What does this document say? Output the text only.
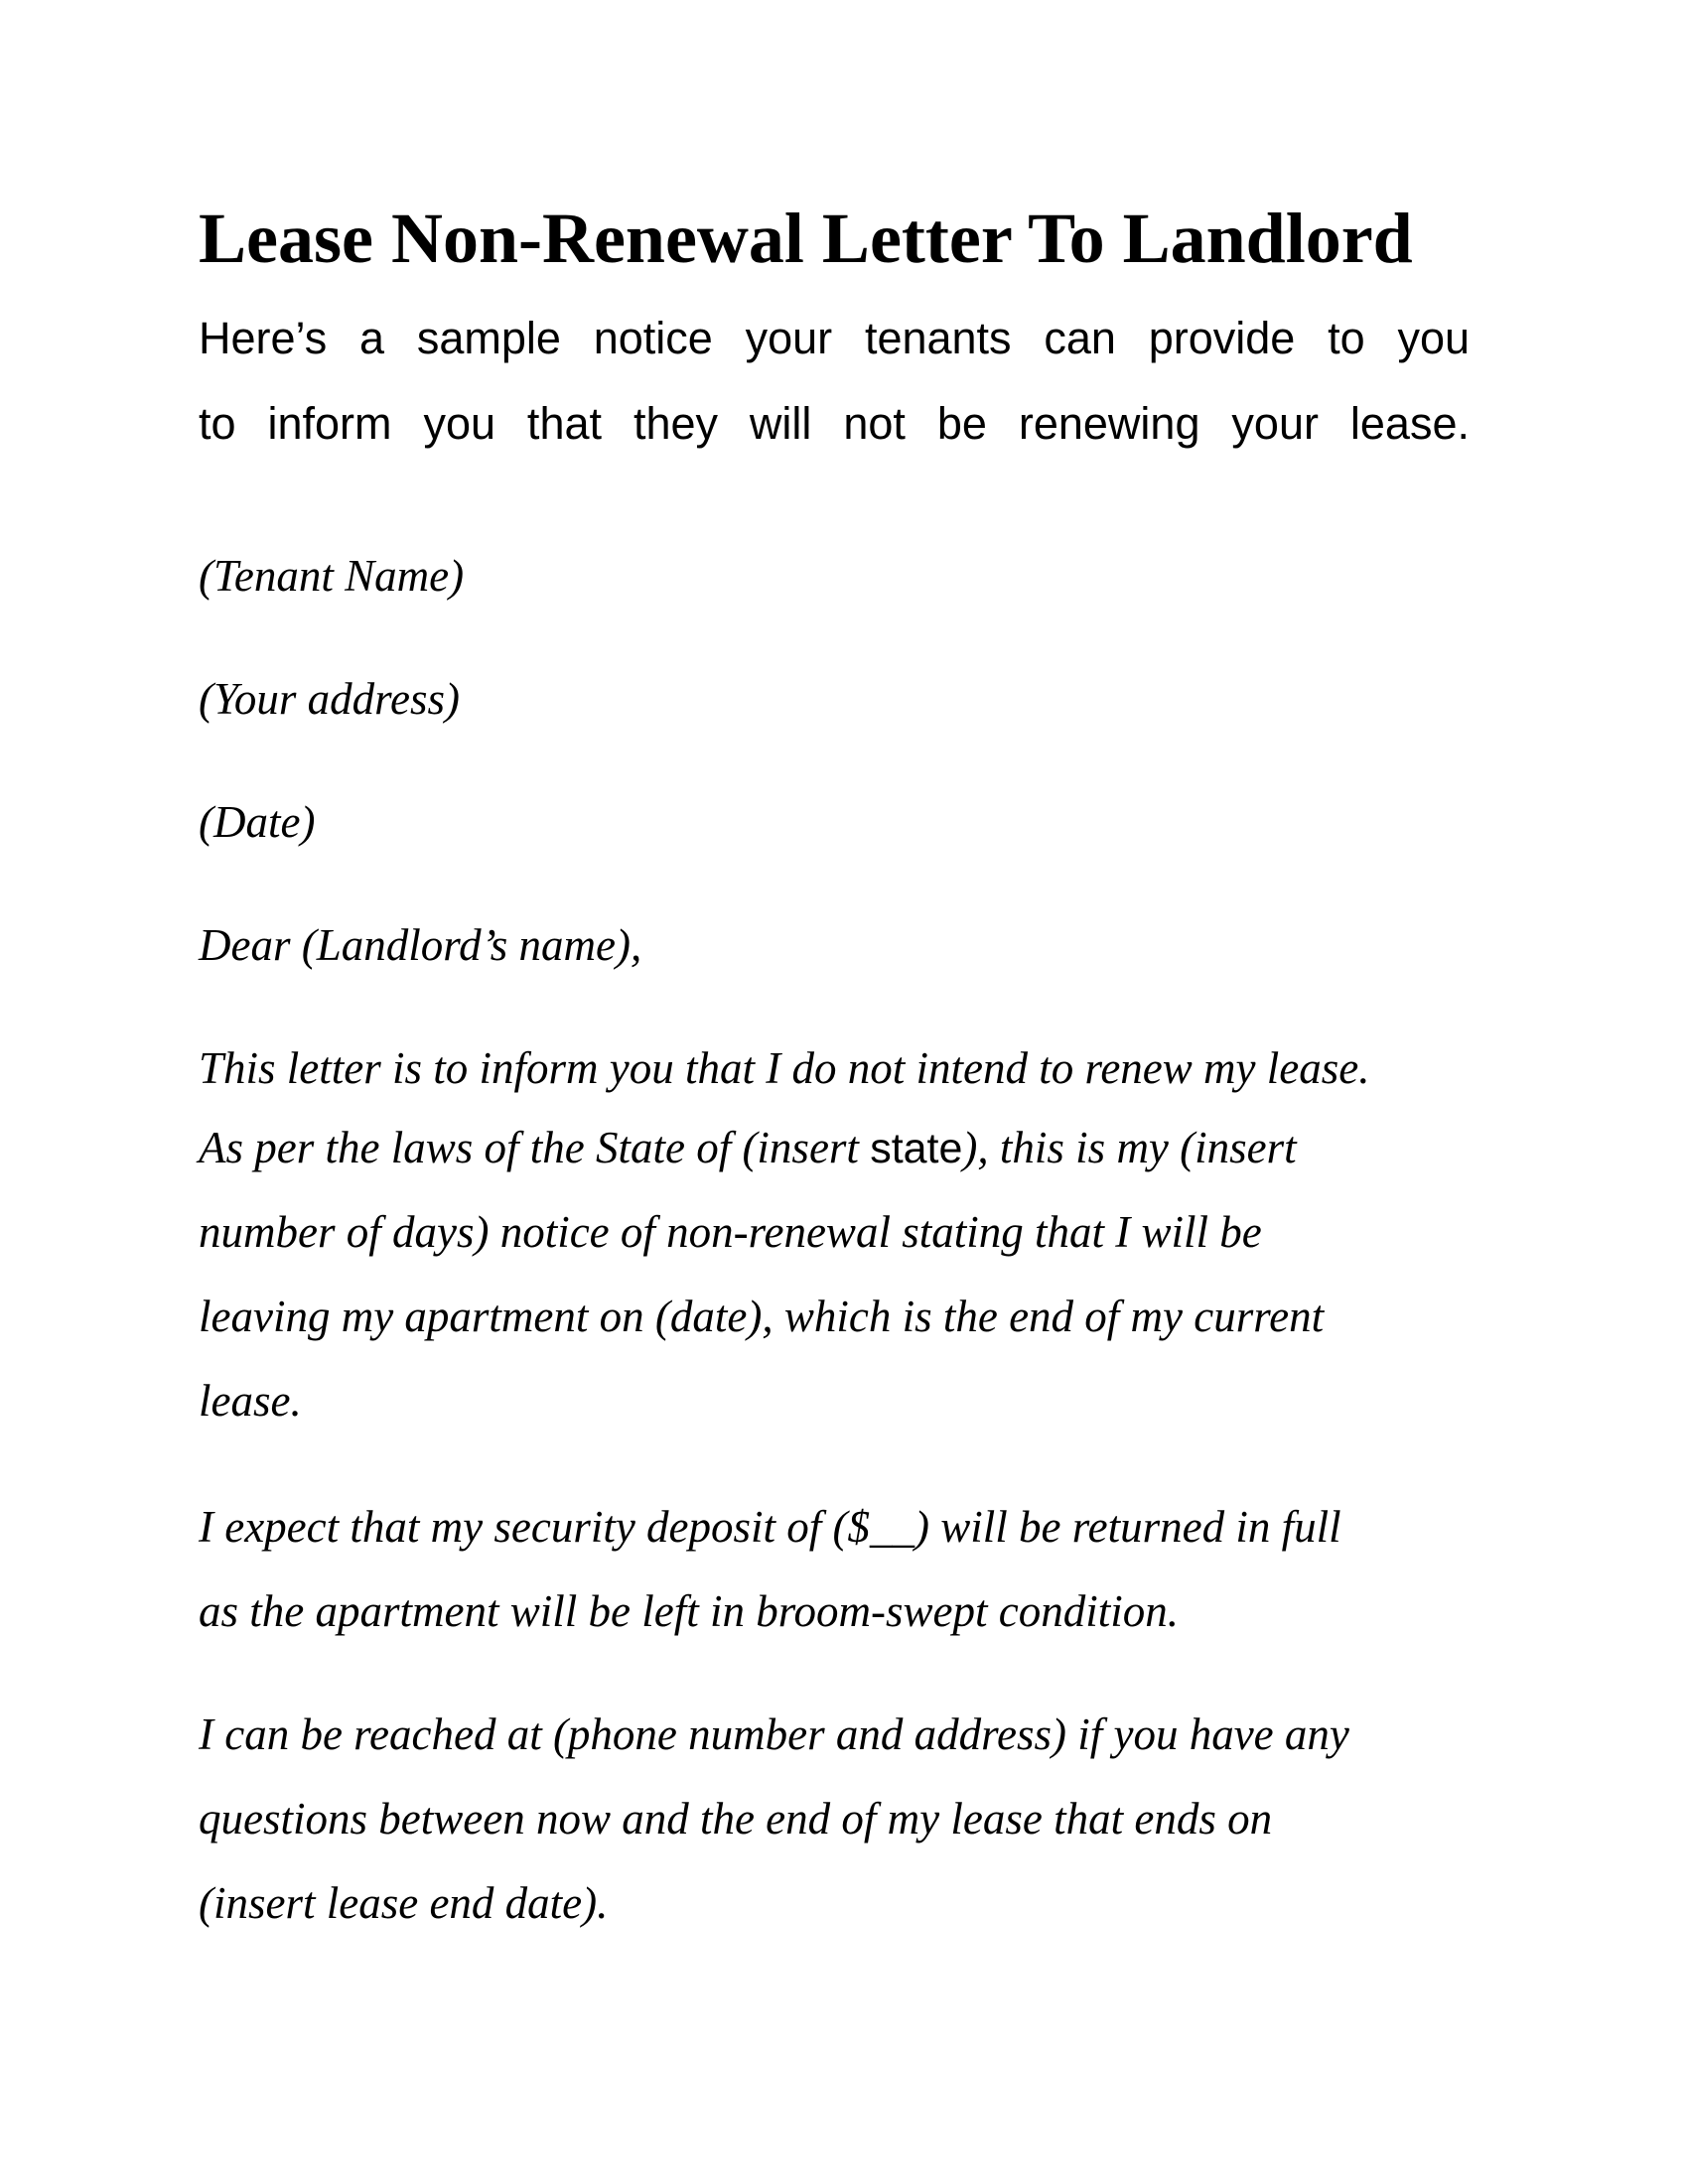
Lease Non-Renewal Letter To Landlord

Here’s a sample notice your tenants can provide to you
to inform you that they will not be renewing your lease.

(Tenant Name)

(Your address)

(Date)

Dear (Landlord’s name),

This letter is to inform you that I do not intend to renew my lease.
As per the laws of the State of (insert state), this is my (insert
number of days) notice of non-renewal stating that I will be
leaving my apartment on (date), which is the end of my current
lease.
I expect that my security deposit of ($__) will be returned in full
as the apartment will be left in broom-swept condition.
I can be reached at (phone number and address) if you have any
questions between now and the end of my lease that ends on
(insert lease end date).
